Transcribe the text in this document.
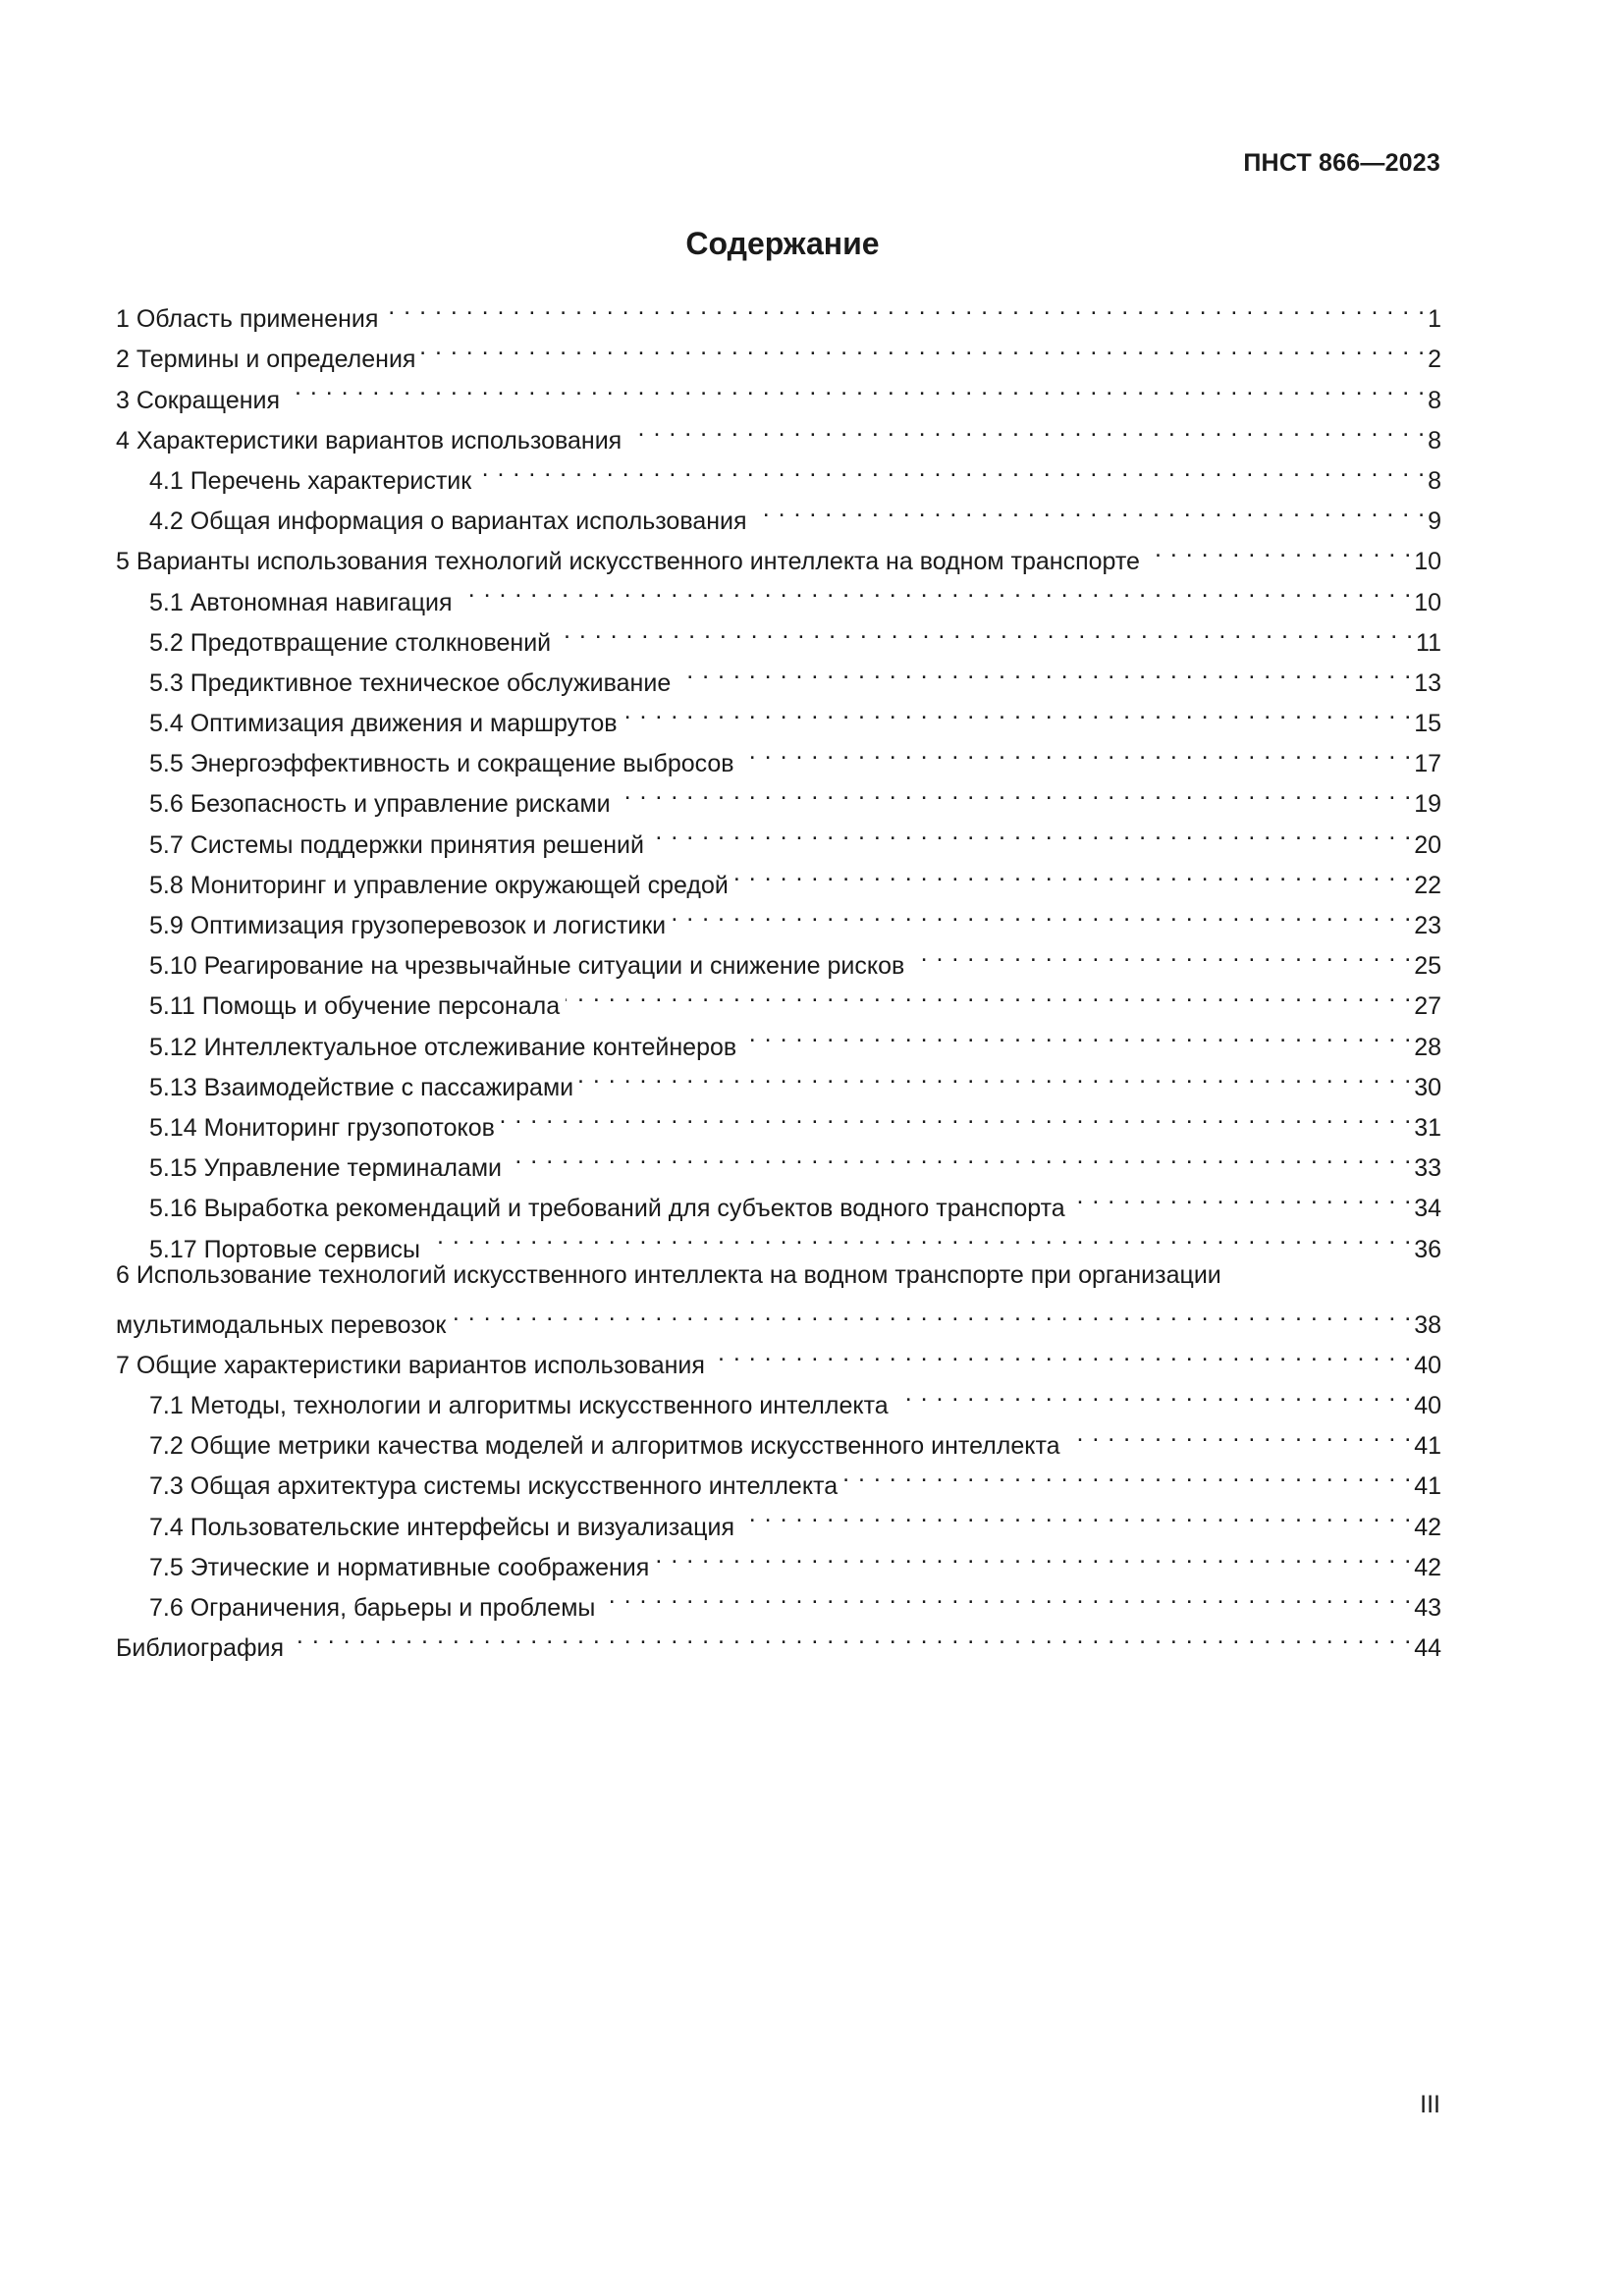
ПНСТ 866—2023
Содержание
1 Область применения . . .	1
2 Термины и определения . . .	2
3 Сокращения . . .	8
4 Характеристики вариантов использования . . .	8
4.1 Перечень характеристик . . .	8
4.2 Общая информация о вариантах использования . . .	9
5 Варианты использования технологий искусственного интеллекта на водном транспорте . . .	10
5.1 Автономная навигация . . .	10
5.2 Предотвращение столкновений . . .	11
5.3 Предиктивное техническое обслуживание . . .	13
5.4 Оптимизация движения и маршрутов . . .	15
5.5 Энергоэффективность и сокращение выбросов . . .	17
5.6 Безопасность и управление рисками . . .	19
5.7 Системы поддержки принятия решений . . .	20
5.8 Мониторинг и управление окружающей средой . . .	22
5.9 Оптимизация грузоперевозок и логистики . . .	23
5.10 Реагирование на чрезвычайные ситуации и снижение рисков . . .	25
5.11 Помощь и обучение персонала . . .	27
5.12 Интеллектуальное отслеживание контейнеров . . .	28
5.13 Взаимодействие с пассажирами . . .	30
5.14 Мониторинг грузопотоков . . .	31
5.15 Управление терминалами . . .	33
5.16 Выработка рекомендаций и требований для субъектов водного транспорта . . .	34
5.17 Портовые сервисы . . .	36
6 Использование технологий искусственного интеллекта на водном транспорте при организации
мультимодальных перевозок . . .	38
7 Общие характеристики вариантов использования . . .	40
7.1 Методы, технологии и алгоритмы искусственного интеллекта . . .	40
7.2 Общие метрики качества моделей и алгоритмов искусственного интеллекта . . .	41
7.3 Общая архитектура системы искусственного интеллекта . . .	41
7.4 Пользовательские интерфейсы и визуализация . . .	42
7.5 Этические и нормативные соображения . . .	42
7.6 Ограничения, барьеры и проблемы . . .	43
Библиография . . .	44
III
